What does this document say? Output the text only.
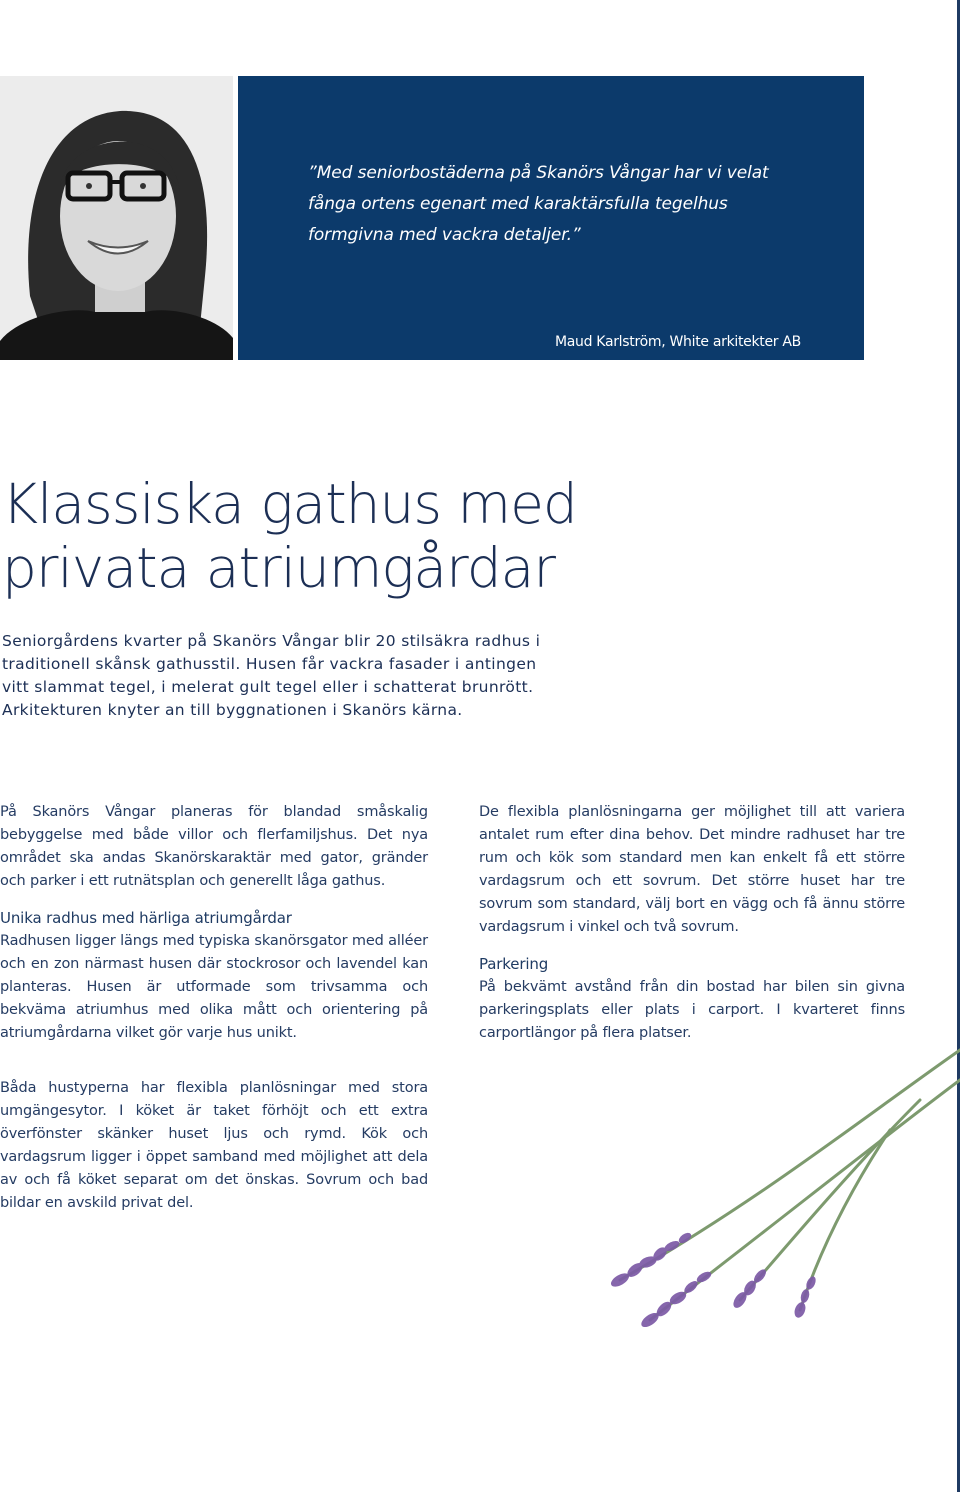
”Med seniorbostäderna på Skanörs Vångar har vi velat fånga ortens egenart med karaktärsfulla tegelhus formgivna med vackra detaljer.”

Maud Karlström, White arkitekter AB

Klassiska gathus med
privata atriumgårdar

Seniorgårdens kvarter på Skanörs Vångar blir 20 stilsäkra radhus i traditionell skånsk gathusstil. Husen får vackra fasader i antingen vitt slammat tegel, i melerat gult tegel eller i schatterat brunrött. Arkitekturen knyter an till byggnationen i Skanörs kärna.

På Skanörs Vångar planeras för blandad småskalig bebyggelse med både villor och flerfamiljshus. Det nya området ska andas Skanörskaraktär med gator, gränder och parker i ett rutnätsplan och generellt låga gathus.

Unika radhus med härliga atriumgårdar

Radhusen ligger längs med typiska skanörsgator med alléer och en zon närmast husen där stockrosor och lavendel kan planteras. Husen är utformade som trivsamma och bekväma atriumhus med olika mått och orientering på atriumgårdarna vilket gör varje hus unikt.

De flexibla planlösningarna ger möjlighet till att variera antalet rum efter dina behov. Det mindre radhuset har tre rum och kök som standard men kan enkelt få ett större vardagsrum och ett sovrum. Det större huset har tre sovrum som standard, välj bort en vägg och få ännu större vardagsrum i vinkel och två sovrum.

Parkering

På bekvämt avstånd från din bostad har bilen sin givna parkeringsplats eller plats i carport. I kvarteret finns carportlängor på flera platser.

Båda hustyperna har flexibla planlösningar med stora umgängesytor. I köket är taket förhöjt och ett extra överfönster skänker huset ljus och rymd. Kök och vardagsrum ligger i öppet samband med möjlighet att dela av och få köket separat om det önskas. Sovrum och bad bildar en avskild privat del.
